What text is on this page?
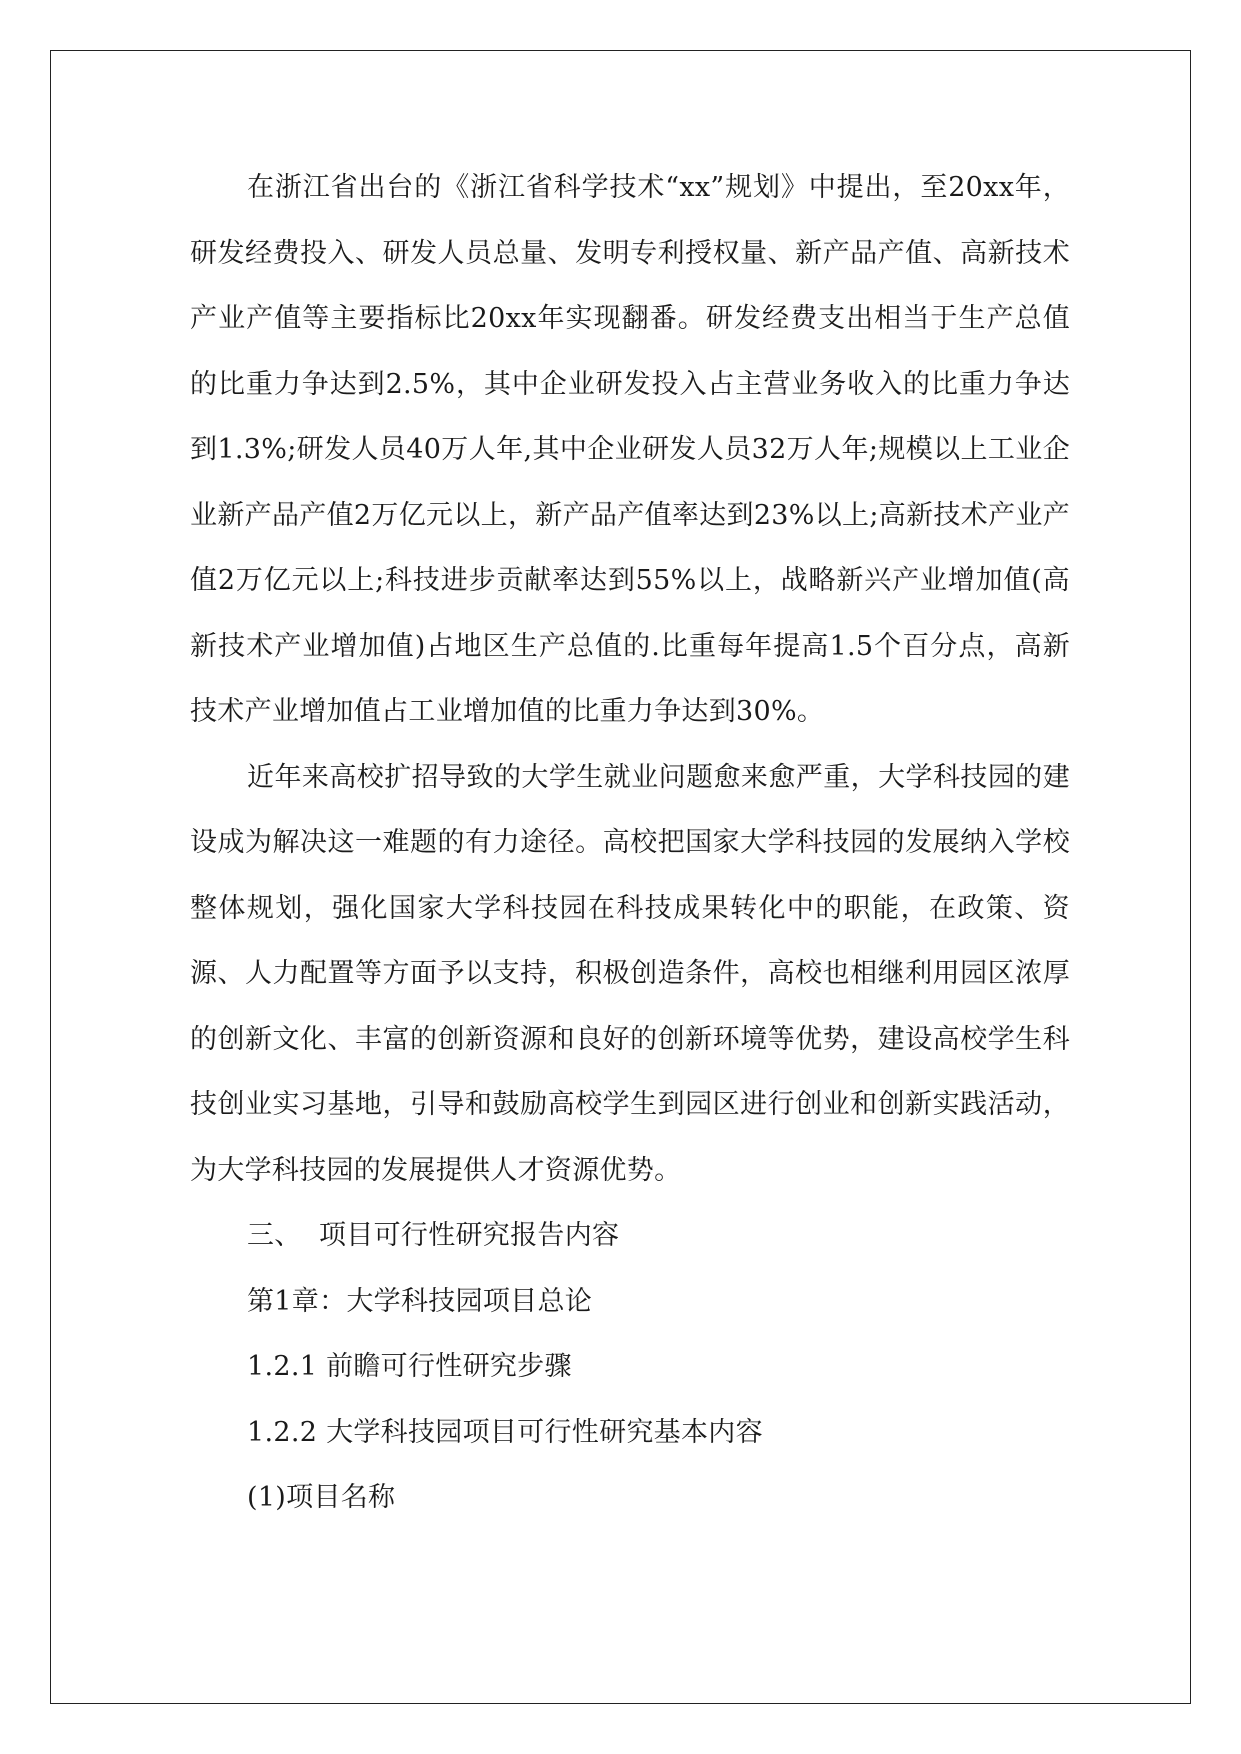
在浙江省出台的《浙江省科学技术“xx”规划》中提出，至20xx年，研发经费投入、研发人员总量、发明专利授权量、新产品产值、高新技术产业产值等主要指标比20xx年实现翻番。研发经费支出相当于生产总值的比重力争达到2.5%，其中企业研发投入占主营业务收入的比重力争达到1.3%;研发人员40万人年,其中企业研发人员32万人年;规模以上工业企业新产品产值2万亿元以上，新产品产值率达到23%以上;高新技术产业产值2万亿元以上;科技进步贡献率达到55%以上，战略新兴产业增加值(高新技术产业增加值)占地区生产总值的.比重每年提高1.5个百分点，高新技术产业增加值占工业增加值的比重力争达到30%。

近年来高校扩招导致的大学生就业问题愈来愈严重，大学科技园的建设成为解决这一难题的有力途径。高校把国家大学科技园的发展纳入学校整体规划，强化国家大学科技园在科技成果转化中的职能，在政策、资源、人力配置等方面予以支持，积极创造条件，高校也相继利用园区浓厚的创新文化、丰富的创新资源和良好的创新环境等优势，建设高校学生科技创业实习基地，引导和鼓励高校学生到园区进行创业和创新实践活动，为大学科技园的发展提供人才资源优势。

三、 项目可行性研究报告内容

第1章：大学科技园项目总论

1.2.1 前瞻可行性研究步骤

1.2.2 大学科技园项目可行性研究基本内容

(1)项目名称
